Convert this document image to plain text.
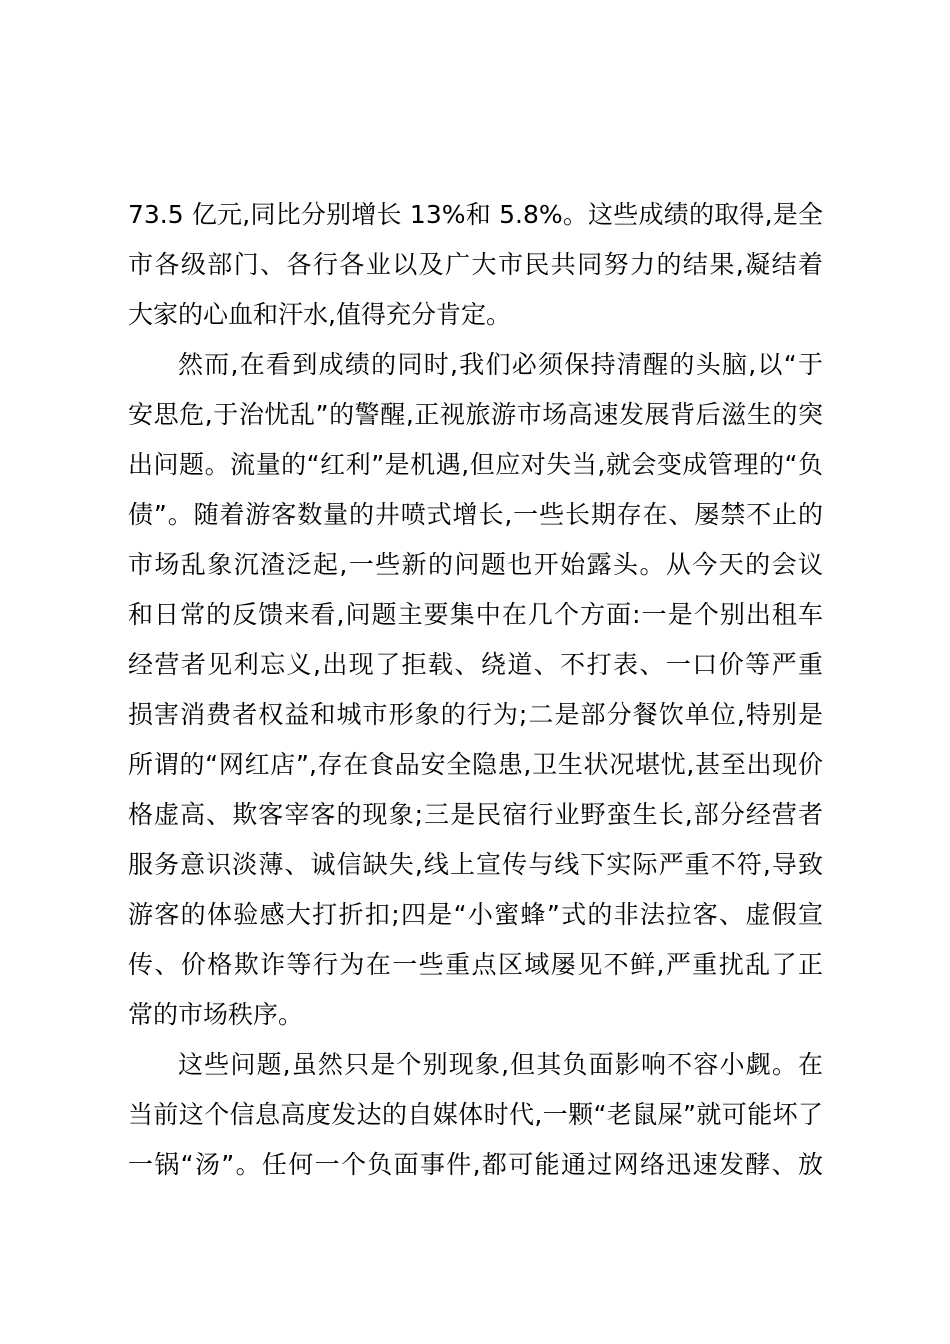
73.5 亿元,同比分别增长 13%和 5.8%。这些成绩的取得,是全
市各级部门、各行各业以及广大市民共同努力的结果,凝结着
大家的心血和汗水,值得充分肯定。
然而,在看到成绩的同时,我们必须保持清醒的头脑,以“于
安思危,于治忧乱”的警醒,正视旅游市场高速发展背后滋生的突
出问题。流量的“红利”是机遇,但应对失当,就会变成管理的“负
债”。随着游客数量的井喷式增长,一些长期存在、屡禁不止的
市场乱象沉渣泛起,一些新的问题也开始露头。从今天的会议
和日常的反馈来看,问题主要集中在几个方面:一是个别出租车
经营者见利忘义,出现了拒载、绕道、不打表、一口价等严重
损害消费者权益和城市形象的行为;二是部分餐饮单位,特别是
所谓的“网红店”,存在食品安全隐患,卫生状况堪忧,甚至出现价
格虚高、欺客宰客的现象;三是民宿行业野蛮生长,部分经营者
服务意识淡薄、诚信缺失,线上宣传与线下实际严重不符,导致
游客的体验感大打折扣;四是“小蜜蜂”式的非法拉客、虚假宣
传、价格欺诈等行为在一些重点区域屡见不鲜,严重扰乱了正
常的市场秩序。
这些问题,虽然只是个别现象,但其负面影响不容小觑。在
当前这个信息高度发达的自媒体时代,一颗“老鼠屎”就可能坏了
一锅“汤”。任何一个负面事件,都可能通过网络迅速发酵、放
